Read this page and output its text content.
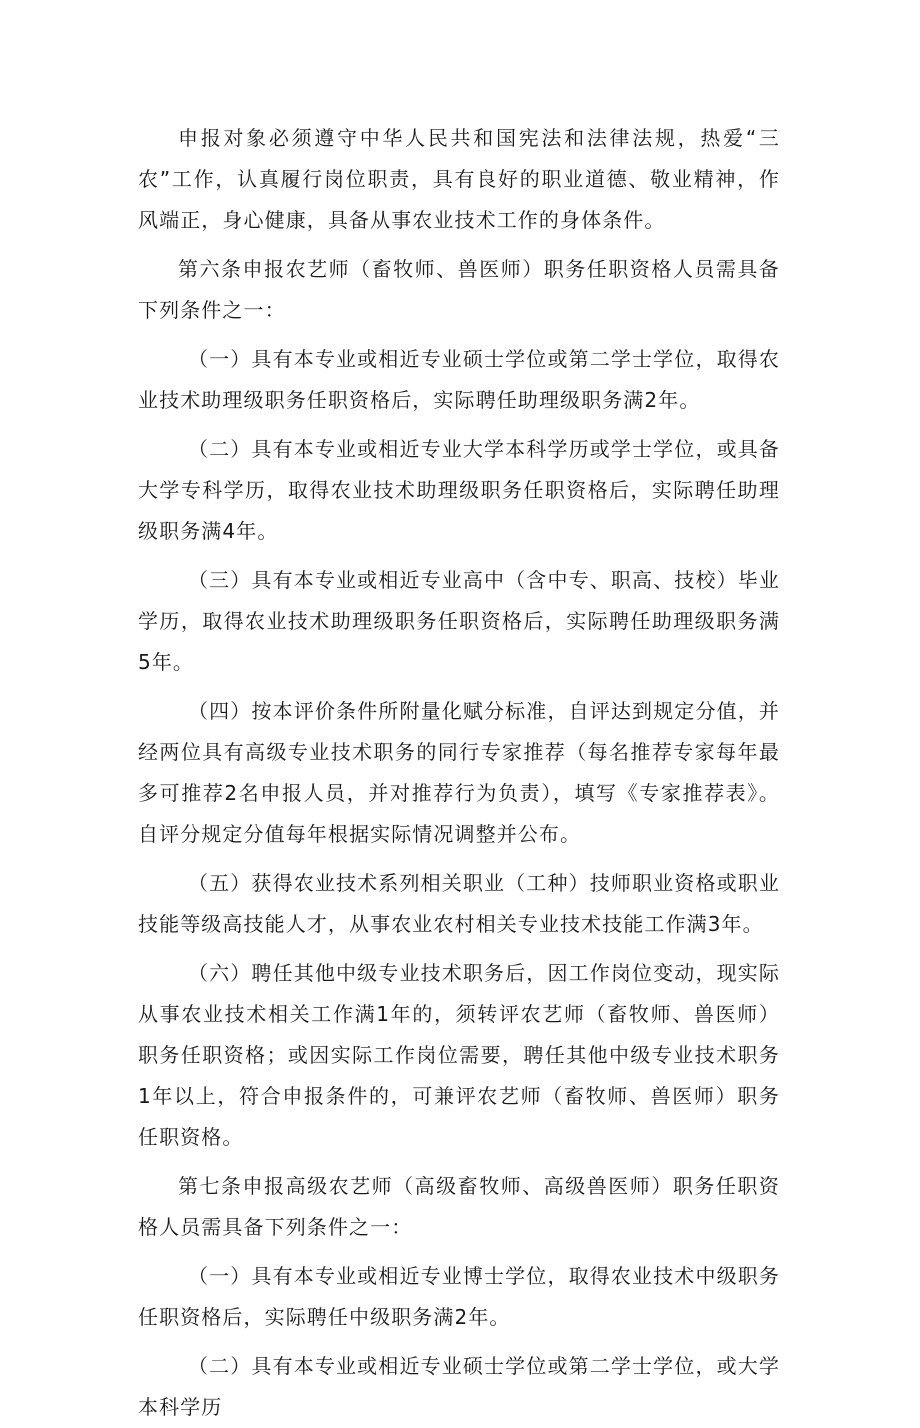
申报对象必须遵守中华人民共和国宪法和法律法规，热爱“三农”工作，认真履行岗位职责，具有良好的职业道德、敬业精神，作风端正，身心健康，具备从事农业技术工作的身体条件。

第六条申报农艺师（畜牧师、兽医师）职务任职资格人员需具备下列条件之一：

（一）具有本专业或相近专业硕士学位或第二学士学位，取得农业技术助理级职务任职资格后，实际聘任助理级职务满2年。

（二）具有本专业或相近专业大学本科学历或学士学位，或具备大学专科学历，取得农业技术助理级职务任职资格后，实际聘任助理级职务满4年。

（三）具有本专业或相近专业高中（含中专、职高、技校）毕业学历，取得农业技术助理级职务任职资格后，实际聘任助理级职务满5年。

（四）按本评价条件所附量化赋分标准，自评达到规定分值，并经两位具有高级专业技术职务的同行专家推荐（每名推荐专家每年最多可推荐2名申报人员，并对推荐行为负责），填写《专家推荐表》。自评分规定分值每年根据实际情况调整并公布。

（五）获得农业技术系列相关职业（工种）技师职业资格或职业技能等级高技能人才，从事农业农村相关专业技术技能工作满3年。

（六）聘任其他中级专业技术职务后，因工作岗位变动，现实际从事农业技术相关工作满1年的，须转评农艺师（畜牧师、兽医师）职务任职资格；或因实际工作岗位需要，聘任其他中级专业技术职务1年以上，符合申报条件的，可兼评农艺师（畜牧师、兽医师）职务任职资格。

第七条申报高级农艺师（高级畜牧师、高级兽医师）职务任职资格人员需具备下列条件之一：

（一）具有本专业或相近专业博士学位，取得农业技术中级职务任职资格后，实际聘任中级职务满2年。

（二）具有本专业或相近专业硕士学位或第二学士学位，或大学本科学历
